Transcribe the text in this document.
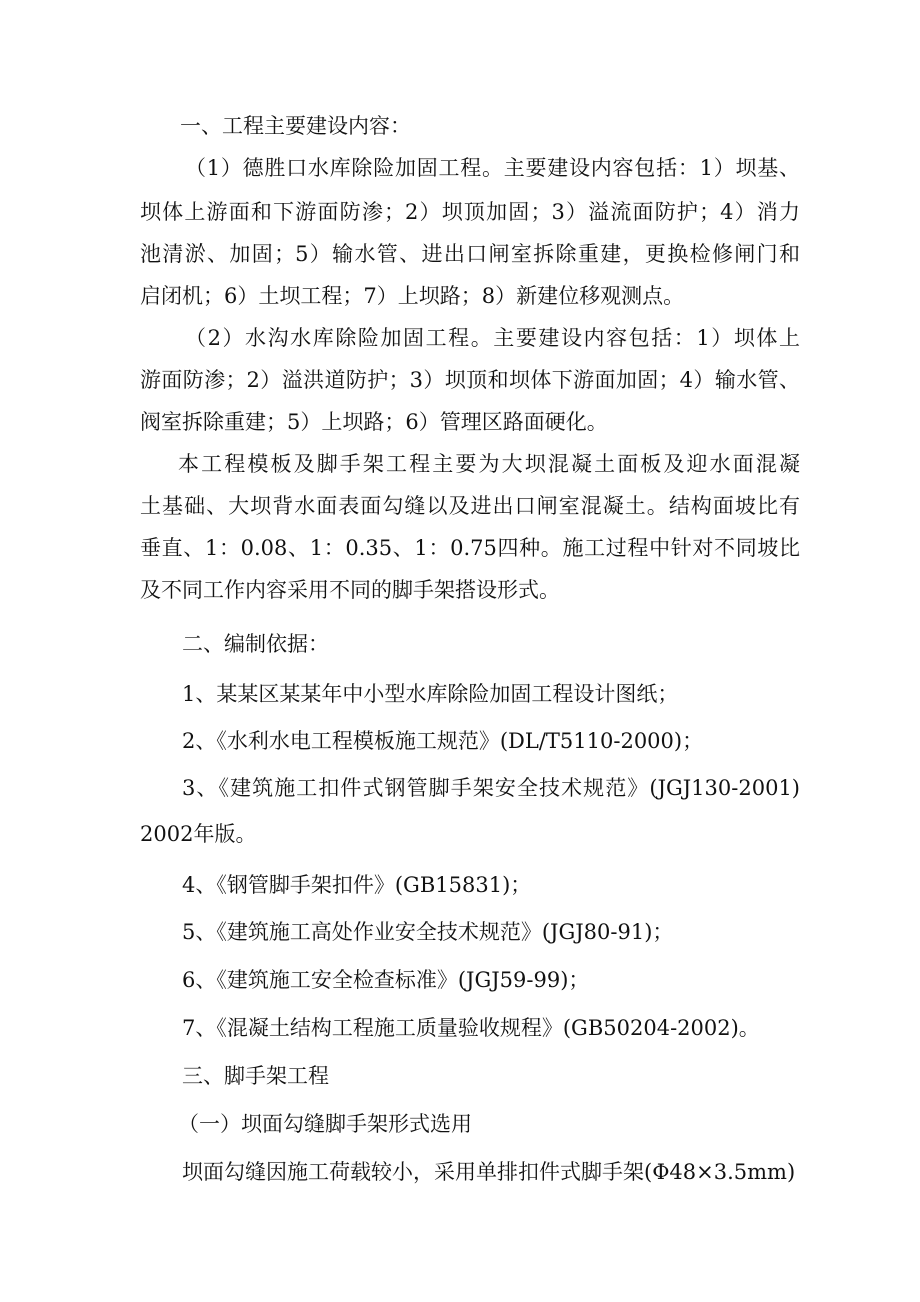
一、工程主要建设内容：
（1）德胜口水库除险加固工程。主要建设内容包括：1）坝基、
坝体上游面和下游面防渗；2）坝顶加固；3）溢流面防护；4）消力
池清淤、加固；5）输水管、进出口闸室拆除重建，更换检修闸门和
启闭机；6）土坝工程；7）上坝路；8）新建位移观测点。
（2）水沟水库除险加固工程。主要建设内容包括：1）坝体上
游面防渗；2）溢洪道防护；3）坝顶和坝体下游面加固；4）输水管、
阀室拆除重建；5）上坝路；6）管理区路面硬化。
本工程模板及脚手架工程主要为大坝混凝土面板及迎水面混凝
土基础、大坝背水面表面勾缝以及进出口闸室混凝土。结构面坡比有
垂直、1：0.08、1：0.35、1：0.75四种。施工过程中针对不同坡比
及不同工作内容采用不同的脚手架搭设形式。
二、编制依据：
1、某某区某某年中小型水库除险加固工程设计图纸；
2、《水利水电工程模板施工规范》(DL/T5110-2000)；
3、《建筑施工扣件式钢管脚手架安全技术规范》(JGJ130-2001)
2002年版。
4、《钢管脚手架扣件》(GB15831)；
5、《建筑施工高处作业安全技术规范》(JGJ80-91)；
6、《建筑施工安全检查标准》(JGJ59-99)；
7、《混凝土结构工程施工质量验收规程》(GB50204-2002)。
三、脚手架工程
（一）坝面勾缝脚手架形式选用
坝面勾缝因施工荷载较小，采用单排扣件式脚手架(Φ48×3.5mm)
